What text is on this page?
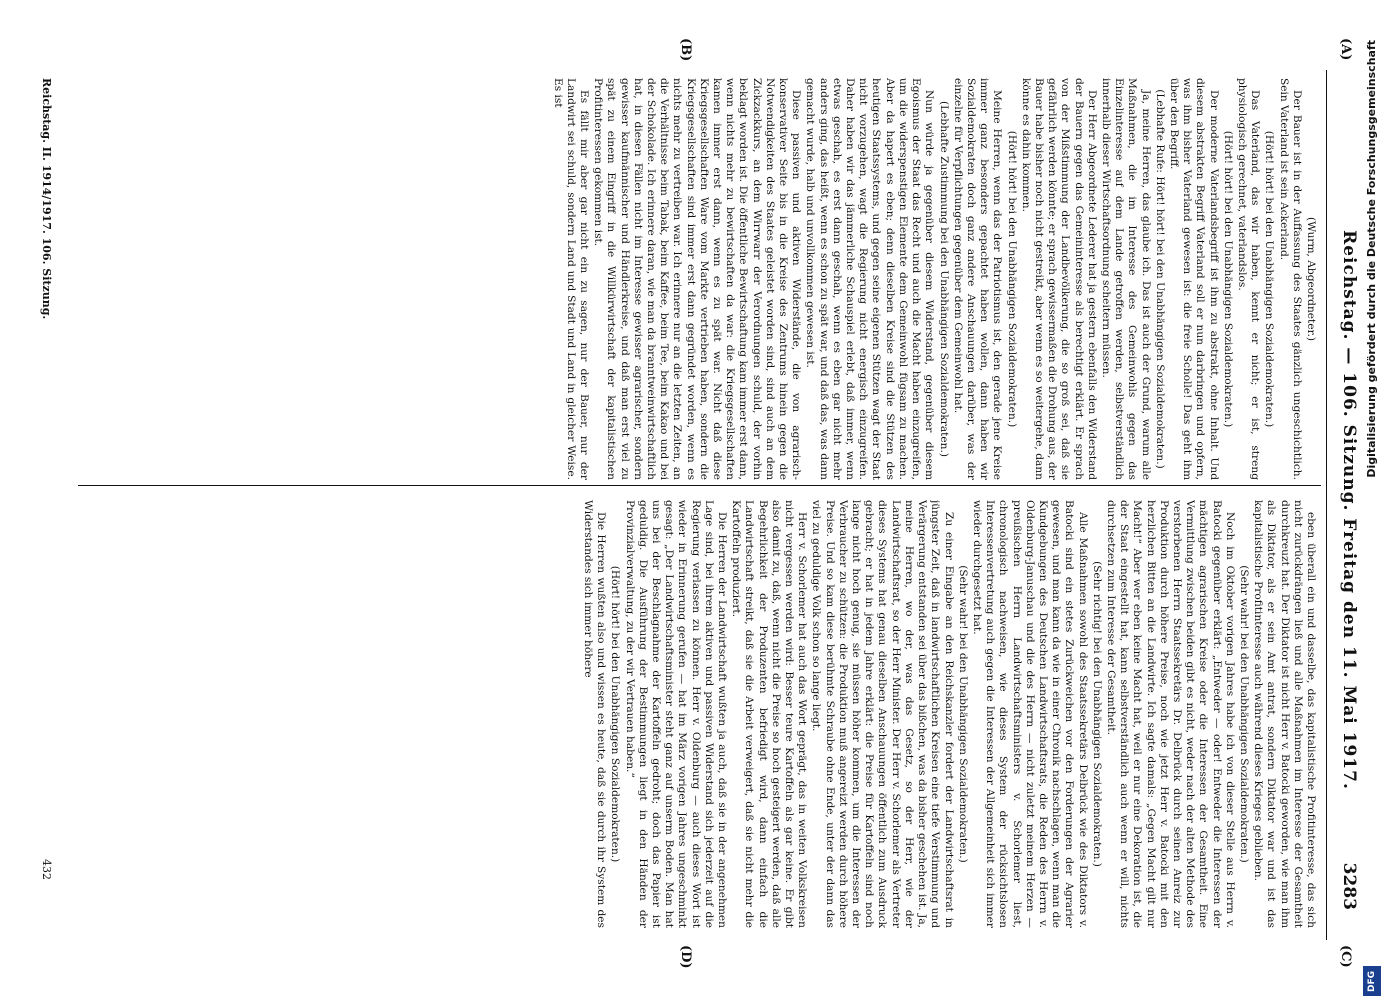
Reichstag. — 106. Sitzung. Freitag den 11. Mai 1917.
3283
(A)
(B)
(C)
(D)

(Wurm, Abgeordneter.)

Der Bauer ist in der Auffassung des Staates gänzlich ungeschichtlich. Sein Vaterland ist sein Ackerland.

(Hört! hört! bei den Unabhängigen Sozialdemokraten.)

Das Vaterland, das wir haben, kennt er nicht; er ist, streng physiologisch gerechnet, vaterlandslos.

(Hört! hört! bei den Unabhängigen Sozialdemokraten.)

Der moderne Vaterlandsbegriff ist ihm zu abstrakt, ohne Inhalt. Und diesem abstrakten Begriff Vaterland soll er nun darbringen und opfern, was ihm bisher Vaterland gewesen ist: die freie Scholle! Das geht ihm über den Begriff.

(Lebhafte Rufe: Hört! hört! bei den Unabhängigen Sozialdemokraten.)

Ja, meine Herren, das glaube ich. Das ist auch der Grund, warum alle Maßnahmen, die im Interesse des Gemeinwohls gegen das Einzelinteresse auf dem Lande getroffen werden, selbstverständlich innerhalb dieser Wirtschaftsordnung scheitern müssen.

Der Herr Abgeordnete Lederer hat ja gestern ebenfalls den Widerstand der Bauern gegen das Gemeininteresse als berechtigt erklärt. Er sprach von der Mißstimmung der Landbevölkerung, die so groß sei, daß sie gefährlich werden könnte; er sprach gewissermaßen die Drohung aus, der Bauer habe bisher noch nicht gestreikt, aber wenn es so weitergehe, dann könne es dahin kommen.

(Hört! hört! bei den Unabhängigen Sozialdemokraten.)

Meine Herren, wenn das der Patriotismus ist, den gerade jene Kreise immer ganz besonders gepachtet haben wollen, dann haben wir Sozialdemokraten doch ganz andere Anschauungen darüber, was der einzelne für Verpflichtungen gegenüber dem Gemeinwohl hat.

(Lebhafte Zustimmung bei den Unabhängigen Sozialdemokraten.)

Nun würde ja gegenüber diesem Widerstand, gegenüber diesem Egoismus der Staat das Recht und auch die Macht haben einzugreifen, um die widerspenstigen Elemente dem Gemeinwohl fügsam zu machen. Aber da hapert es eben; denn dieselben Kreise sind die Stützen des heutigen Staatssystems, und gegen seine eigenen Stützen wagt der Staat nicht vorzugehen, wagt die Regierung nicht energisch einzugreifen. Daher haben wir das jämmerliche Schauspiel erlebt, daß immer, wenn etwas geschah, es erst dann geschah, wenn es eben gar nicht mehr anders ging, das heißt, wenn es schon zu spät war, und daß das, was dann gemacht wurde, halb und unvollkommen gewesen ist.

Diese passiven und aktiven Widerstände, die von agrarisch-konservativer Seite bis in die Kreise des Zentrums hinein gegen die Notwendigkeiten des Staates geleistet worden sind, sind auch an dem Zickzackkurs, an dem Wirrwarr der Verordnungen schuld, der vorhin beklagt worden ist. Die öffentliche Bewirtschaftung kam immer erst dann, wenn nichts mehr zu bewirtschaften da war: die Kriegsgesellschaften kamen immer erst dann, wenn es zu spät war. Nicht daß diese Kriegsgesellschaften Ware vom Markte vertrieben haben, sondern die Kriegsgesellschaften sind immer erst dann gegründet worden, wenn es nichts mehr zu vertreiben war. Ich erinnere nur an die letzten Zeiten, an die Verhältnisse beim Tabak, beim Kaffee, beim Tee, beim Kakao und bei der Schokolade. Ich erinnere daran, wie man da branntweinwirtschaftlich hat, in diesen Fällen nicht im Interesse gewisser agrarischer, sondern gewisser kaufmännischer und Händlerkreise, und daß man erst viel zu spät zu einem Eingriff in die Willkürwirtschaft der kapitalistischen Profitinteressen gekommen ist.

Es fällt mir aber gar nicht ein zu sagen, nur der Bauer, nur der Landwirt sei schuld, sondern Land und Stadt und Land in gleicher Weise. Es ist

eben überall ein und dasselbe, das kapitalistische Profitinteresse, das sich nicht zurückdrängen ließ und alle Maßnahmen im Interesse der Gesamtheit durchkreuzt hat. Der Diktator ist nicht Herr v. Batocki geworden, wie man ihm als Diktator, als er sein Amt antrat, sondern Diktator war und ist das kapitalistische Profitinteresse auch während dieses Krieges geblieben.

(Sehr wahr! bei den Unabhängigen Sozialdemokraten.)

Noch im Oktober vorigen Jahres habe ich von dieser Stelle aus Herrn v. Batocki gegenüber erklärt: „Entweder — oder! Entweder die Interessen der mächtigen agrarischen Kreise oder die Interessen der Gesamtheit. Eine Vermittlung zwischen beiden gibt es nicht, weder nach der alten Methode des verstorbenen Herrn Staatssekretärs Dr. Delbrück durch seinen Anreiz zur Produktion durch höhere Preise, noch wie jetzt Herr v. Batocki mit den herzlichen Bitten an die Landwirte. Ich sagte damals: „Gegen Macht gilt nur Macht!“ Aber wer eben keine Macht hat, weil er nur eine Dekoration ist, die der Staat eingestellt hat, kann selbstverständlich auch wenn er will, nichts durchsetzen zum Interesse der Gesamtheit.

(Sehr richtig! bei den Unabhängigen Sozialdemokraten.)

Alle Maßnahmen sowohl des Staatssekretärs Delbrück wie des Diktators v. Batocki sind ein stetes Zurückweichen vor den Forderungen der Agrarier gewesen, und man kann da wie in einer Chronik nachschlagen, wenn man die Kundgebungen des Deutschen Landwirtschaftsrats, die Reden des Herrn v. Oldenburg-Januschau und die des Herrn — nicht zuletzt meinem Herzen — preußischen Herrn Landwirtschaftsministers v. Schorlemer liest, chronologisch nachweisen, wie dieses System der rücksichtslosen Interessenvertretung auch gegen die Interessen der Allgemeinheit sich immer wieder durchgesetzt hat.

(Sehr wahr! bei den Unabhängigen Sozialdemokraten.)

Zu einer Eingabe an den Reichskanzler fordert der Landwirtschaftsrat in jüngster Zeit, daß in landwirtschaftlichen Kreisen eine tiefe Verstimmung und Verärgerung entstanden sei über das bißchen, was da bisher geschehen ist. Ja, meine Herren, wo der, was das Gesetz, so der Herr, wie der Landwirtschaftsrat, so der Herr Minister. Der Herr v. Schorlemer als Vertreter dieses Systems hat genau dieselben Anschauungen öffentlich zum Ausdruck gebracht; er hat in jedem Jahre erklärt: die Preise für Kartoffeln sind noch lange nicht hoch genug, sie müssen höher kommen, um die Interessen der Verbraucher zu schützen: die Produktion muß angereizt werden durch höhere Preise. Und so kam diese berühmte Schraube ohne Ende, unter der dann das viel zu geduldige Volk schon so lange liegt.

Herr v. Schorlemer hat auch das Wort geprägt, das in weiten Volkskreisen nicht vergessen werden wird: Besser teure Kartoffeln als gar keine. Er gibt also damit zu, daß, wenn nicht die Preise so hoch gesteigert werden, daß alle Begehrlichkeit der Produzenten befriedigt wird, dann einfach die Landwirtschaft streikt, daß sie die Arbeit verweigert, daß sie nicht mehr die Kartoffeln produziert.

Die Herren der Landwirtschaft wußten ja auch, daß sie in der angenehmen Lage sind, bei ihrem aktiven und passiven Widerstand sich jederzeit auf die Regierung verlassen zu können. Herr v. Oldenburg — auch dieses Wort ist wieder in Erinnerung gerufen — hat im März vorigen Jahres ungeschminkt gesagt: „Der Landwirtschaftsminister steht ganz auf unserm Boden. Man hat uns bei der Beschlagnahme der Kartoffeln gedroht; doch das Papier ist geduldig. Die Ausführung der Bestimmungen liegt in den Händen der Provinzialverwaltung, zu der wir Vertrauen haben.“

(Hört! hört! bei den Unabhängigen Sozialdemokraten.)

Die Herren wußten also und wissen es heute, daß sie durch ihr System des Widerstandes sich immer höhere

Reichstag. II. 1914/1917. 106. Sitzung.
432
Digitalisierung gefördert durch die Deutsche Forschungsgemeinschaft
DFG
